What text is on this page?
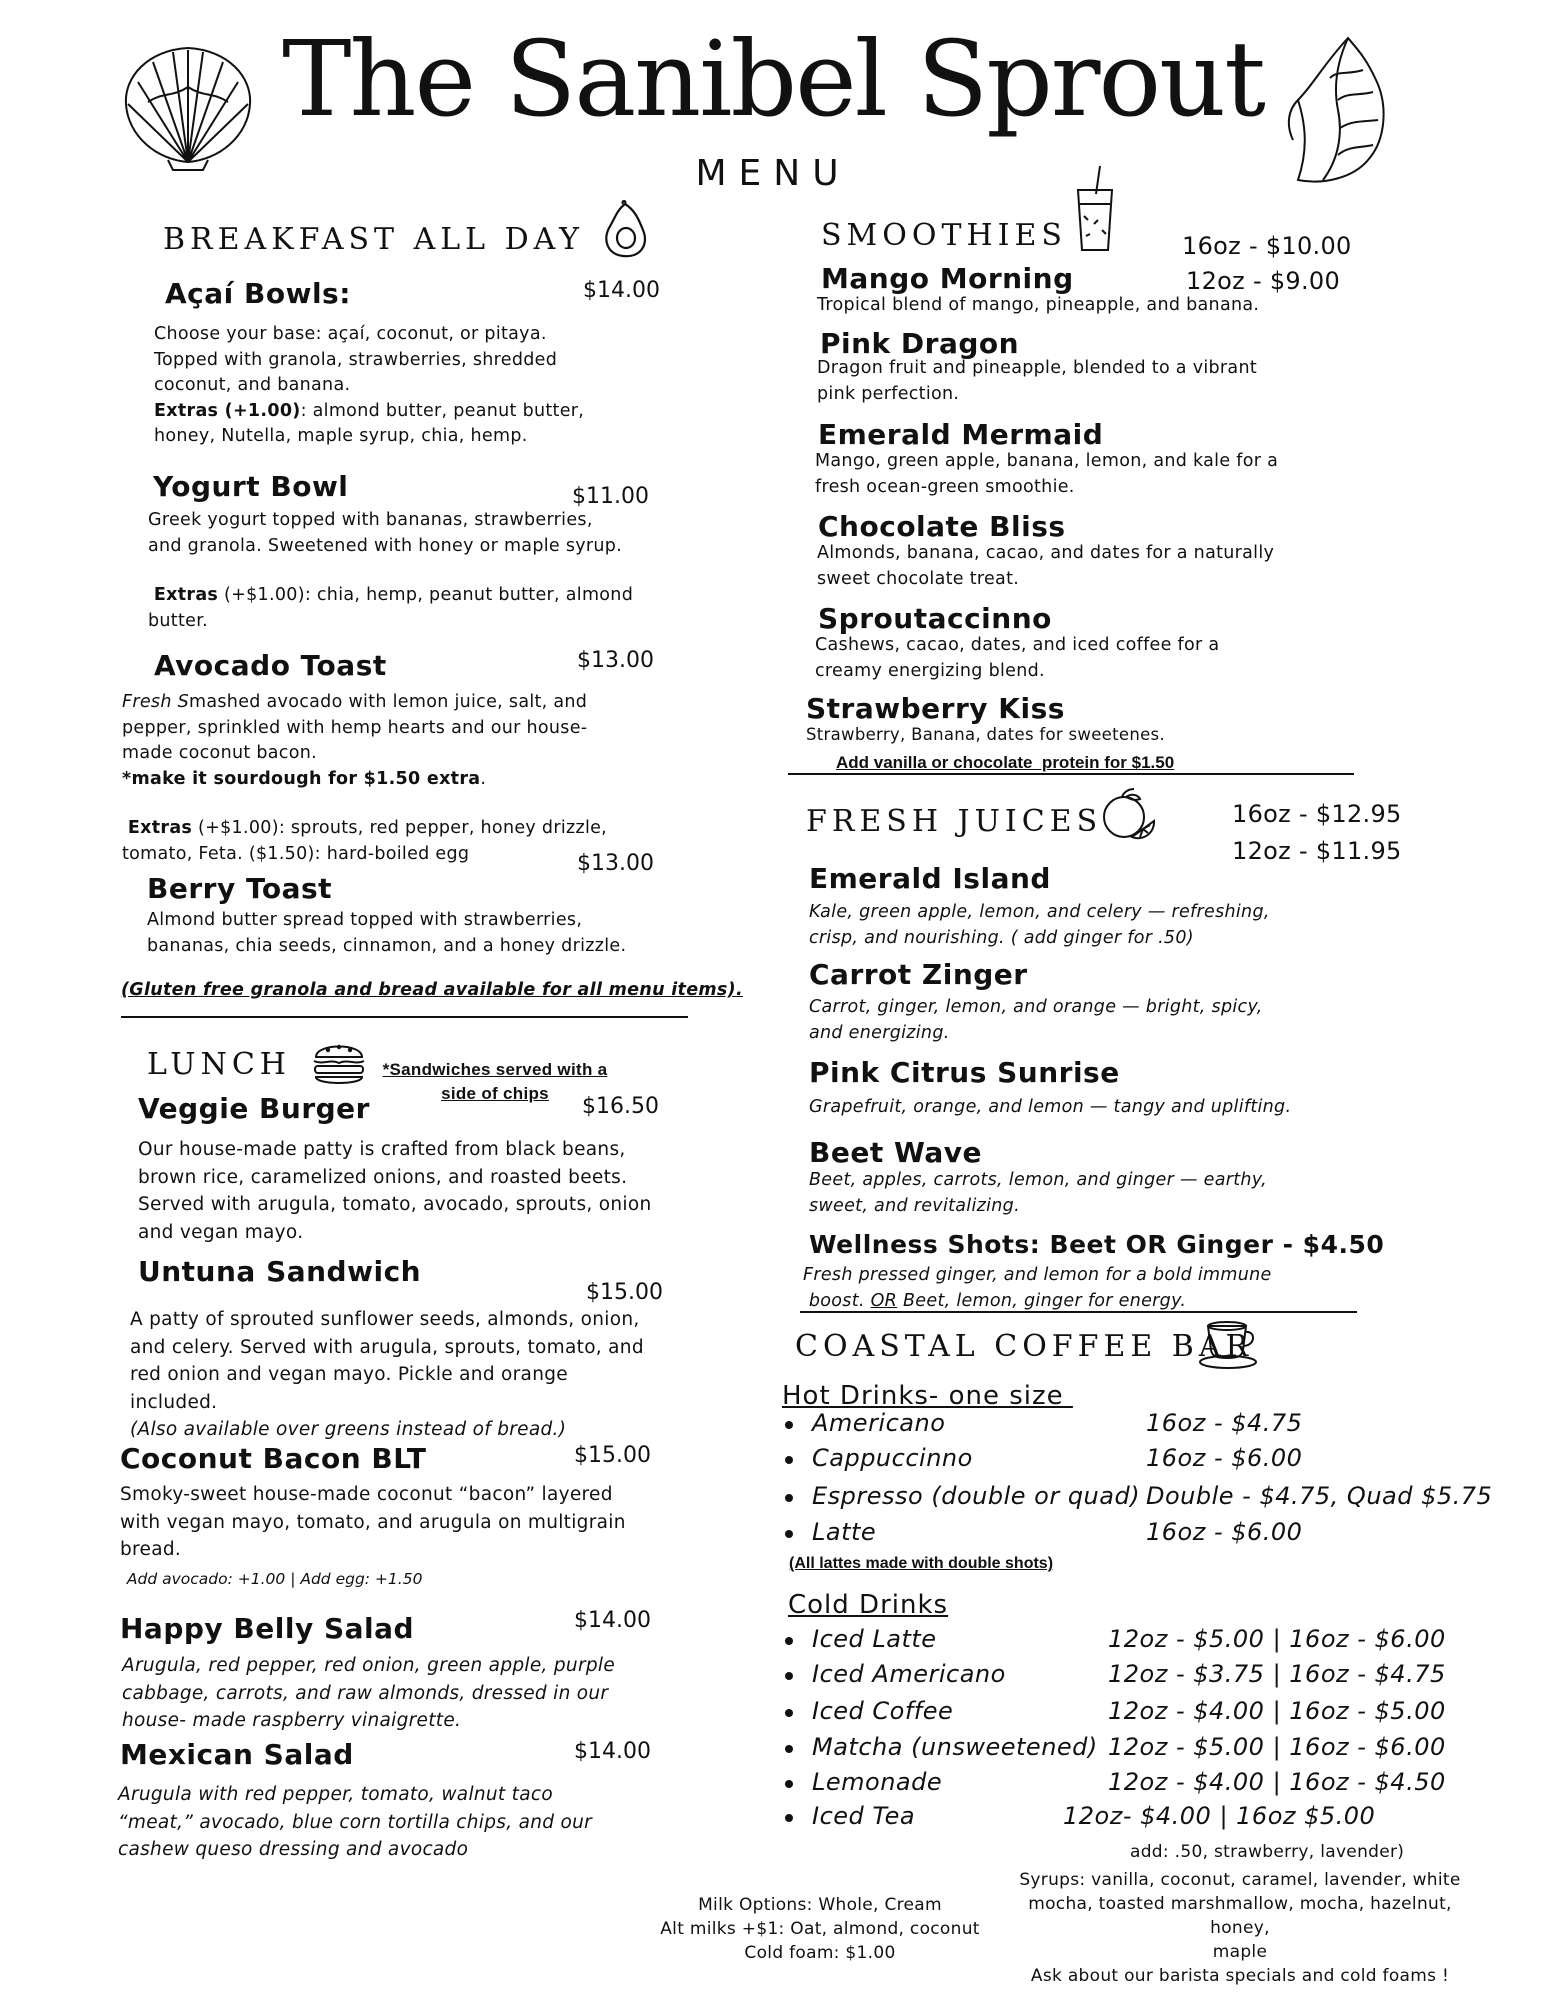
The Sanibel Sprout
MENU
BREAKFAST ALL DAY
Açaí Bowls:	$14.00
Choose your base: açaí, coconut, or pitaya.
Topped with granola, strawberries, shredded
coconut, and banana.
Extras (+1.00): almond butter, peanut butter,
honey, Nutella, maple syrup, chia, hemp.
Yogurt Bowl	$11.00
Greek yogurt topped with bananas, strawberries,
and granola. Sweetened with honey or maple syrup.
Extras (+$1.00): chia, hemp, peanut butter, almond
butter.
Avocado Toast	$13.00
Fresh Smashed avocado with lemon juice, salt, and
pepper, sprinkled with hemp hearts and our house-
made coconut bacon.
*make it sourdough for $1.50 extra.
Extras (+$1.00): sprouts, red pepper, honey drizzle,
tomato, Feta. ($1.50): hard-boiled egg
Berry Toast
$13.00
Almond butter spread topped with strawberries,
bananas, chia seeds, cinnamon, and a honey drizzle.
(Gluten free granola and bread available for all menu items).
LUNCH	*Sandwiches served with a
side of chips
Veggie Burger	$16.50
Our house-made patty is crafted from black beans,
brown rice, caramelized onions, and roasted beets.
Served with arugula, tomato, avocado, sprouts, onion
and vegan mayo.
Untuna Sandwich
$15.00
A patty of sprouted sunflower seeds, almonds, onion,
and celery. Served with arugula, sprouts, tomato, and
red onion and vegan mayo. Pickle and orange
included.
(Also available over greens instead of bread.)
Coconut Bacon BLT	$15.00
Smoky-sweet house-made coconut “bacon” layered
with vegan mayo, tomato, and arugula on multigrain
bread.
Add avocado: +1.00 | Add egg: +1.50
Happy Belly Salad	$14.00
Arugula, red pepper, red onion, green apple, purple
cabbage, carrots, and raw almonds, dressed in our
house- made raspberry vinaigrette.
Mexican Salad	$14.00
Arugula with red pepper, tomato, walnut taco
“meat,” avocado, blue corn tortilla chips, and our
cashew queso dressing and avocado
SMOOTHIES	16oz - $10.00
12oz - $9.00
Mango Morning
Tropical blend of mango, pineapple, and banana.
Pink Dragon
Dragon fruit and pineapple, blended to a vibrant
pink perfection.
Emerald Mermaid
Mango, green apple, banana, lemon, and kale for a
fresh ocean-green smoothie.
Chocolate Bliss
Almonds, banana, cacao, and dates for a naturally
sweet chocolate treat.
Sproutaccinno
Cashews, cacao, dates, and iced coffee for a
creamy energizing blend.
Strawberry Kiss
Strawberry, Banana, dates for sweetenes.
Add vanilla or chocolate  protein for $1.50
FRESH JUICES	16oz - $12.95
12oz - $11.95
Emerald Island
Kale, green apple, lemon, and celery — refreshing,
crisp, and nourishing. ( add ginger for .50)
Carrot Zinger
Carrot, ginger, lemon, and orange — bright, spicy,
and energizing.
Pink Citrus Sunrise
Grapefruit, orange, and lemon — tangy and uplifting.
Beet Wave
Beet, apples, carrots, lemon, and ginger — earthy,
sweet, and revitalizing.
Wellness Shots: Beet OR Ginger - $4.50
Fresh pressed ginger, and lemon for a bold immune
boost. OR Beet, lemon, ginger for energy.
COASTAL COFFEE BAR
Hot Drinks- one size
Americano	16oz - $4.75
Cappuccinno	16oz - $6.00
Espresso (double or quad) Double - $4.75, Quad $5.75
Latte	16oz - $6.00
(All lattes made with double shots)
Cold Drinks
Iced Latte	12oz - $5.00 | 16oz - $6.00
Iced Americano	12oz - $3.75 | 16oz - $4.75
Iced Coffee	12oz - $4.00 | 16oz - $5.00
Matcha (unsweetened) 12oz - $5.00 | 16oz - $6.00
Lemonade	12oz - $4.00 | 16oz - $4.50
Iced Tea	12oz- $4.00 | 16oz $5.00
add: .50, strawberry, lavender)
Syrups: vanilla, coconut, caramel, lavender, white
mocha, toasted marshmallow, mocha, hazelnut, honey,
maple
Ask about our barista specials and cold foams !
Milk Options: Whole, Cream
Alt milks +$1: Oat, almond, coconut
Cold foam: $1.00
